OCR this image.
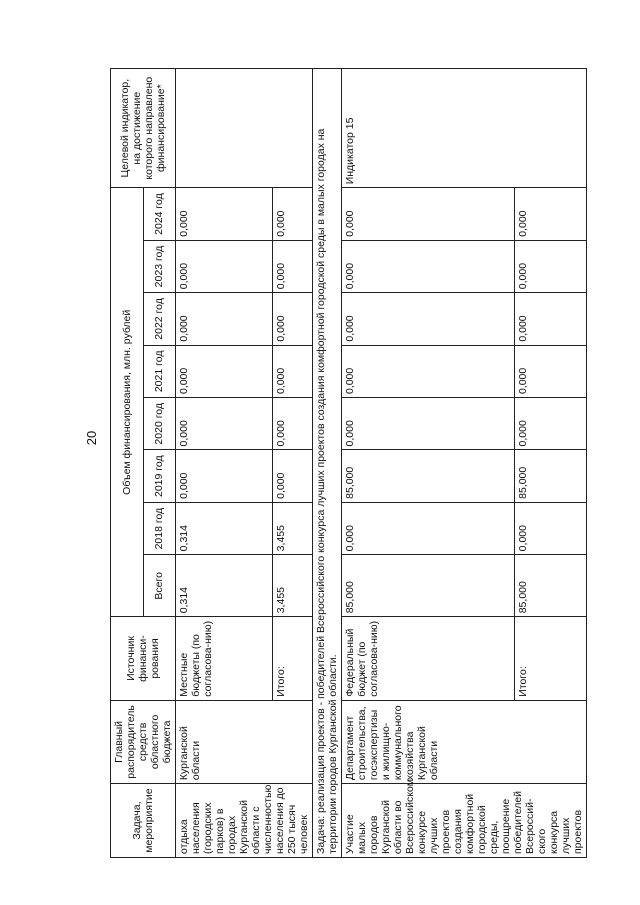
20
Задача, мероприятие	Главный распорядитель средств областного бюджета	Источник финанси-рования	Объем финансирования, млн. рублей								Целевой индикатор, на достижение которого направлено финансирование*
			Всего	2018 год	2019 год	2020 год	2021 год	2022 год	2023 год	2024 год	
отдыха населения (городских парков) в городах Курганской области с численностью населения до 250 тысяч человек	Курганской области	Местные бюджеты (по согласова-нию)	0,314	0,314	0,000	0,000	0,000	0,000	0,000	0,000	
		Итого:	3,455	3,455	0,000	0,000	0,000	0,000	0,000	0,000	
Задача: реализация проектов - победителей Всероссийского конкурса лучших проектов создания комфортной городской среды в малых городах на территории городов Курганской области.											
Участие малых городов Курганской области во Всероссийском конкурсе лучших проектов создания комфортной городской среды, поощрение победителей Всероссий-ского конкурса лучших проектов	Департамент строительства, госэкспертизы и жилищно-коммунального хозяйства Курганской области	Федеральный бюджет (по согласова-нию)	85,000	0,000	85,000	0,000	0,000	0,000	0,000	0,000	Индикатор 15
		Итого:	85,000	0,000	85,000	0,000	0,000	0,000	0,000	0,000	
